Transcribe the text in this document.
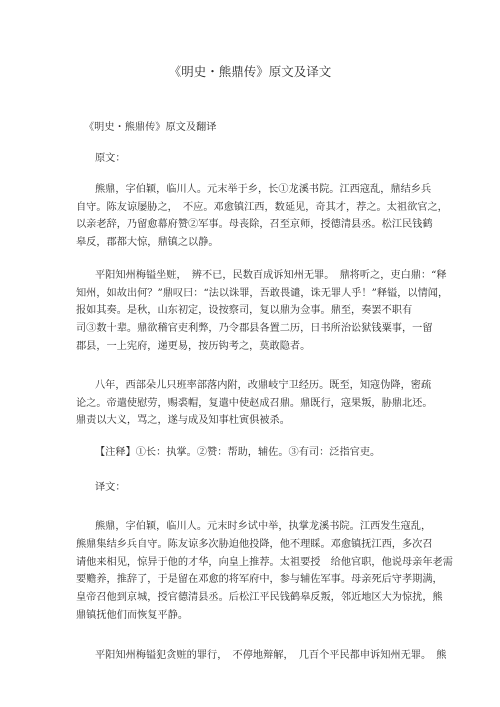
《明史・熊鼎传》原文及译文
《明史・熊鼎传》原文及翻译
原文：
熊鼎，字伯颖，临川人。元末举于乡，长①龙溪书院。江西寇乱，鼎结乡兵
自守。陈友谅屡胁之，　不应。邓愈镇江西，数延见，奇其才，荐之。太祖欲官之，
以亲老辞，乃留愈幕府赞②军事。母丧除，召至京师，授德清县丞。松江民钱鹤
皋反，郡都大惊，鼎镇之以静。
平阳知州梅镒坐赃，　辨不已，民数百成诉知州无罪。　鼎将听之，吏白鼎：“释
知州，如故出何？”鼎叹曰：“法以诛罪，吾敢畏谴，诛无罪人乎！”释镒，以情闻，
报如其奏。是秋，山东初定，设按察司，复以鼎为佥事。鼎至，奏罢不职有
司③数十辈。鼎欲稽官吏利弊，乃令郡县各置二历，日书所治讼狱钱粟事，一留
郡县，一上宪府，递更易，按历钩考之，莫敢隐者。
八年，西部朵儿只班率部落内附，改鼎岐宁卫经历。既至，知寇伪降，密疏
论之。帝遣使慰劳，赐裘帽，复遣中使赵成召鼎。鼎既行，寇果叛，胁鼎北还。
鼎责以大义，骂之，遂与成及知事杜寅俱被杀。
【注释】①长：执掌。②赞：帮助，辅佐。③有司：泛指官吏。
译文：
熊鼎，字伯颖，临川人。元末时乡试中举，执掌龙溪书院。江西发生寇乱，
熊鼎集结乡兵自守。陈友谅多次胁迫他投降，他不理睬。邓愈镇抚江西，多次召
请他来相见，惊异于他的才华，向皇上推荐。太祖要授　给他官职，他说母亲年老需
要赡养，推辞了，于是留在邓愈的将军府中，参与辅佐军事。母亲死后守孝期满，
皇帝召他到京城，授官德清县丞。后松江平民钱鹤皋反叛，邻近地区大为惊扰，熊
鼎镇抚他们而恢复平静。
平阳知州梅镒犯贪赃的罪行，　不停地辩解，　几百个平民都申诉知州无罪。　熊
